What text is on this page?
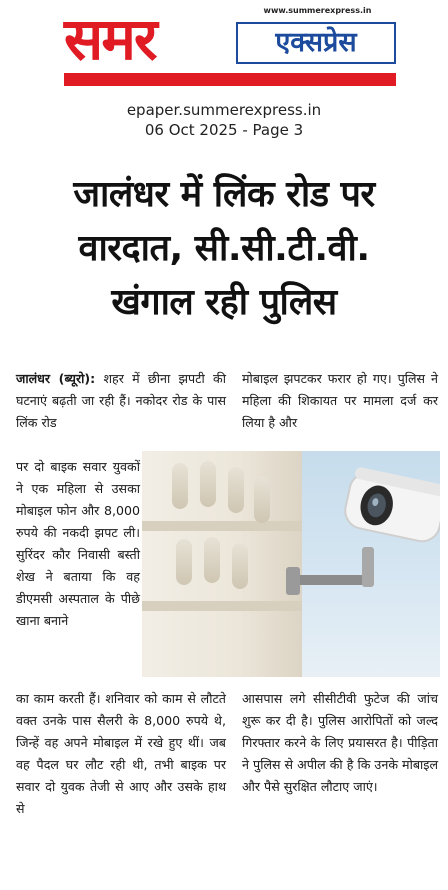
समर	www.summerexpress.in
एक्सप्रेस
epaper.summerexpress.in
06 Oct 2025 - Page 3
जालंधर में लिंक रोड पर
वारदात, सी.सी.टी.वी.
खंगाल रही पुलिस
जालंधर (ब्यूरो): शहर में छीना झपटी की घटनाएं बढ़ती जा रही हैं। नकोदर रोड के पास लिंक रोड
पर दो बाइक सवार युवकों ने एक महिला से उसका मोबाइल फोन और 8,000 रुपये की नकदी झपट ली। सुरिंदर कौर निवासी बस्ती शेख ने बताया कि वह डीएमसी अस्पताल के पीछे खाना बनाने
का काम करती हैं। शनिवार को काम से लौटते वक्त उनके पास सैलरी के 8,000 रुपये थे, जिन्हें वह अपने मोबाइल में रखे हुए थीं। जब वह पैदल घर लौट रही थी, तभी बाइक पर सवार दो युवक तेजी से आए और उसके हाथ से
मोबाइल झपटकर फरार हो गए। पुलिस ने महिला की शिकायत पर मामला दर्ज कर लिया है और
आसपास लगे सीसीटीवी फुटेज की जांच शुरू कर दी है। पुलिस आरोपितों को जल्द गिरफ्तार करने के लिए प्रयासरत है। पीड़िता ने पुलिस से अपील की है कि उनके मोबाइल और पैसे सुरक्षित लौटाए जाएं।
